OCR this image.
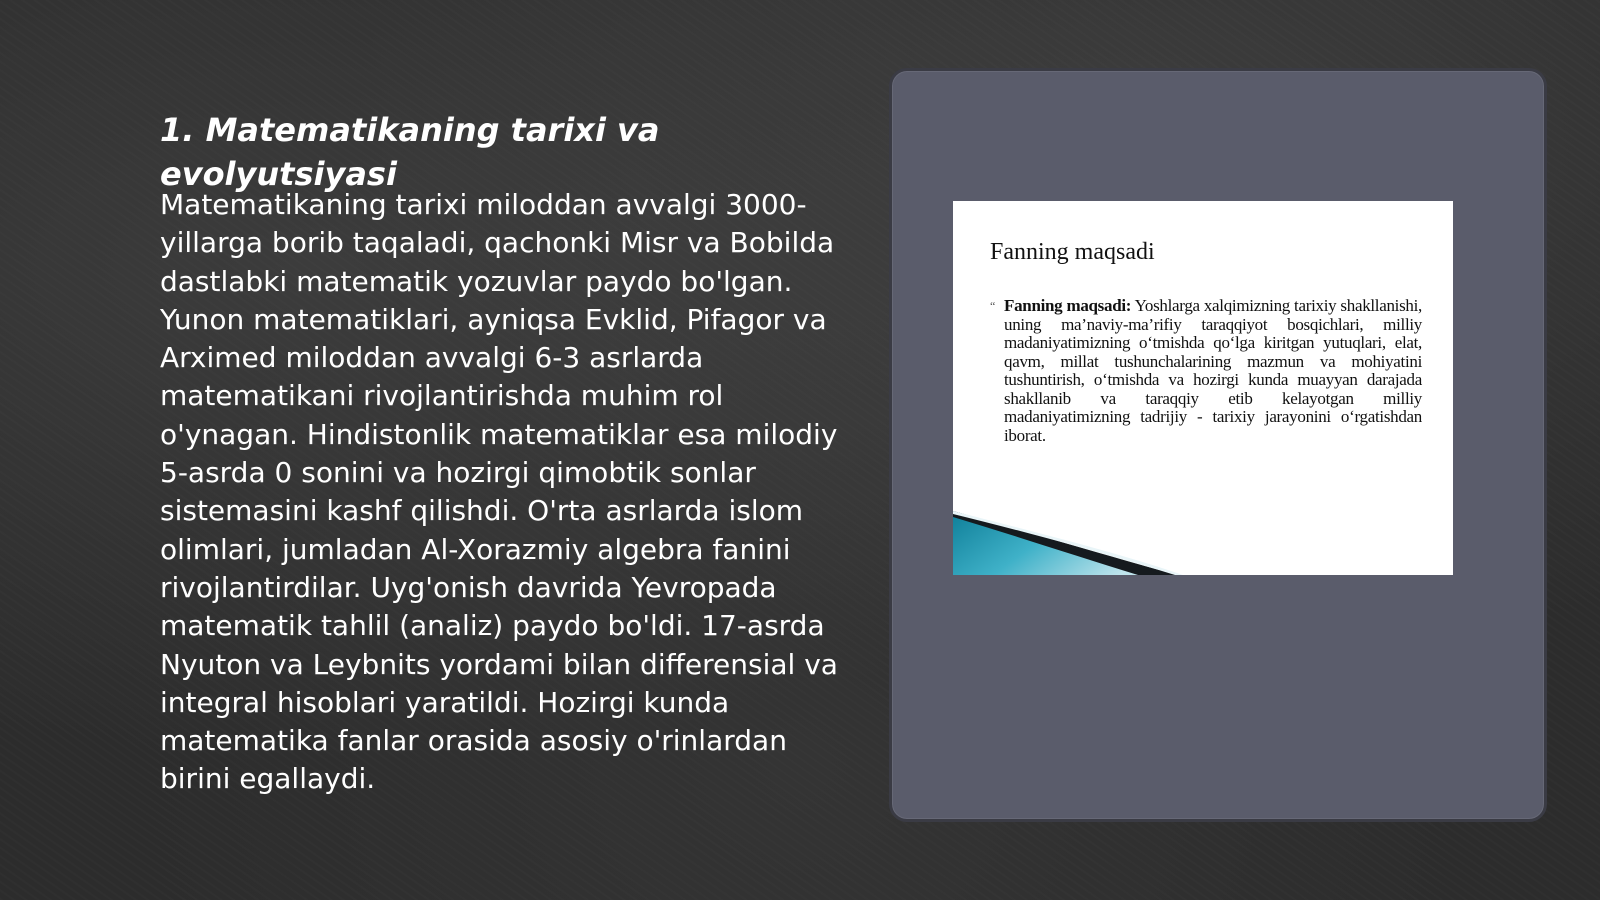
1. Matematikaning tarixi va evolyutsiyasi

Matematikaning tarixi miloddan avvalgi 3000-yillarga borib taqaladi, qachonki Misr va Bobilda dastlabki matematik yozuvlar paydo bo'lgan. Yunon matematiklari, ayniqsa Evklid, Pifagor va Arximed miloddan avvalgi 6-3 asrlarda matematikani rivojlantirishda muhim rol o'ynagan. Hindistonlik matematiklar esa milodiy 5-asrda 0 sonini va hozirgi qimobtik sonlar sistemasini kashf qilishdi. O'rta asrlarda islom olimlari, jumladan Al-Xorazmiy algebra fanini rivojlantirdilar. Uyg'onish davrida Yevropada matematik tahlil (analiz) paydo bo'ldi. 17-asrda Nyuton va Leybnits yordami bilan differensial va integral hisoblari yaratildi. Hozirgi kunda matematika fanlar orasida asosiy o'rinlardan birini egallaydi.

Fanning maqsadi
“ Fanning maqsadi: Yoshlarga xalqimizning tarixiy shakllanishi, uning ma’naviy-ma’rifiy taraqqiyot bosqichlari, milliy madaniyatimizning o‘tmishda qo‘lga kiritgan yutuqlari, elat, qavm, millat tushunchalarining mazmun va mohiyatini tushuntirish, o‘tmishda va hozirgi kunda muayyan darajada shakllanib va taraqqiy etib kelayotgan milliy madaniyatimizning tadrijiy - tarixiy jarayonini o‘rgatishdan iborat.
